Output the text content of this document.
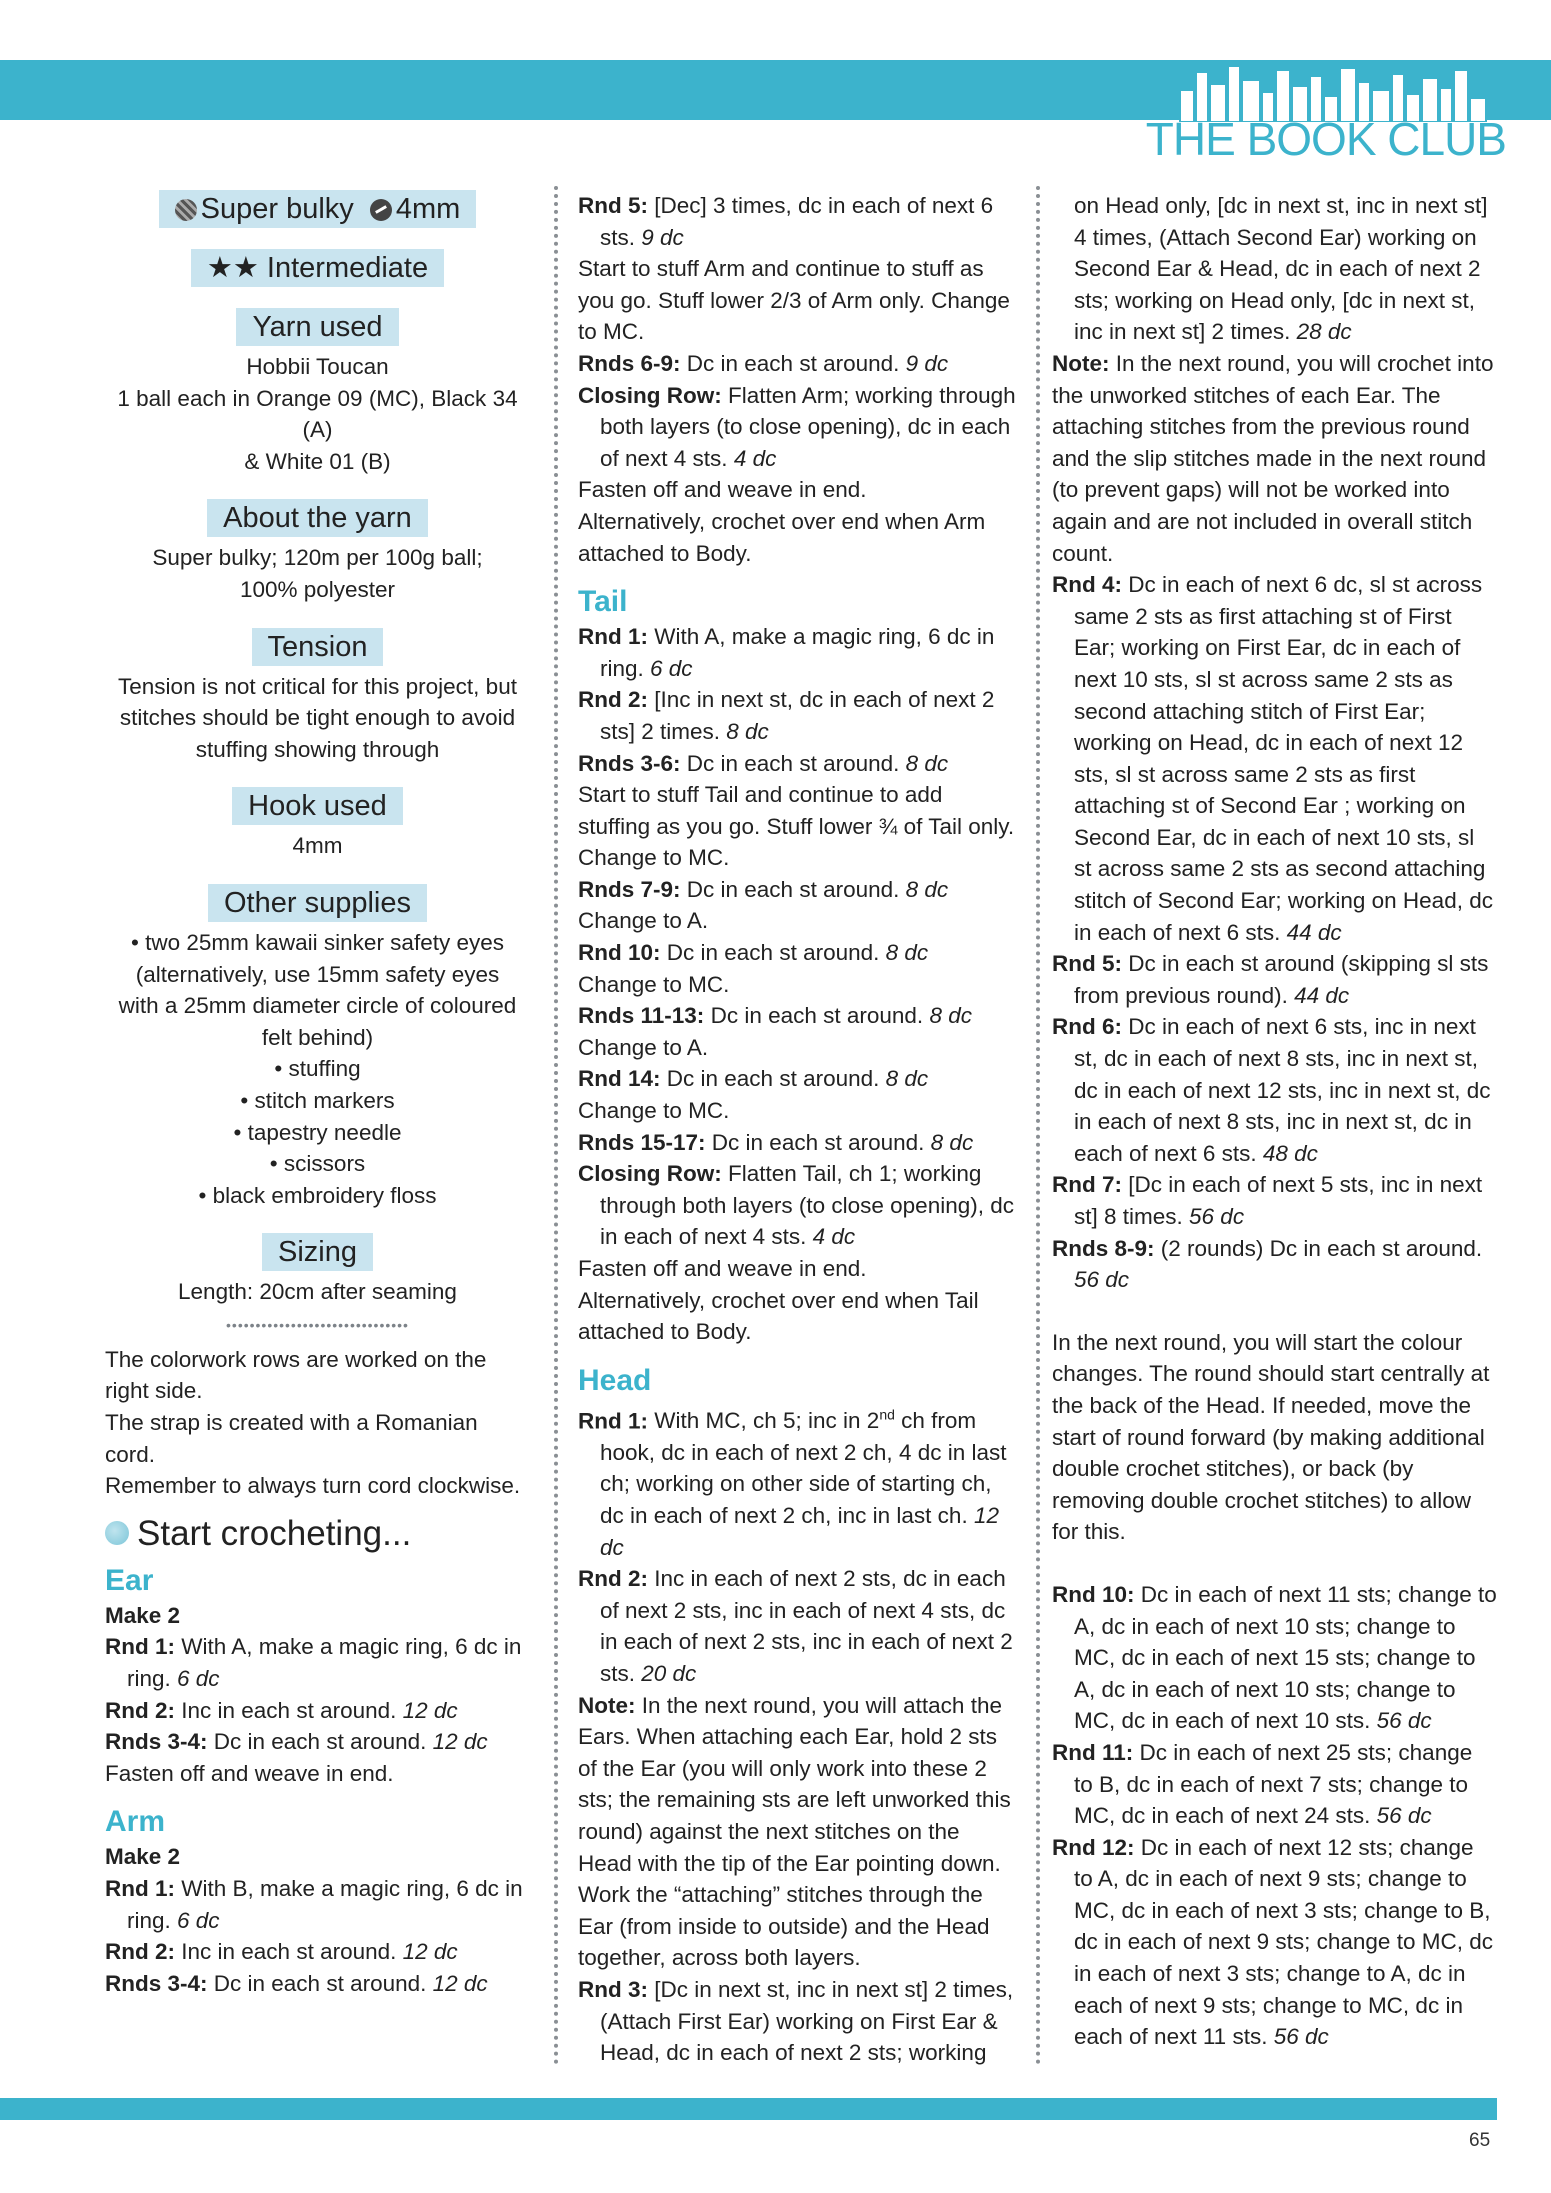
THE BOOK CLUB
Super bulky 4mm
★★ Intermediate
Yarn used
Hobbii Toucan
1 ball each in Orange 09 (MC), Black 34 (A)
& White 01 (B)
About the yarn
Super bulky; 120m per 100g ball;
100% polyester
Tension
Tension is not critical for this project, but
stitches should be tight enough to avoid
stuffing showing through
Hook used
4mm
Other supplies
• two 25mm kawaii sinker safety eyes
(alternatively, use 15mm safety eyes
with a 25mm diameter circle of coloured
felt behind)
• stuffing
• stitch markers
• tapestry needle
• scissors
• black embroidery floss
Sizing
Length: 20cm after seaming
•••••••••••••••••••••••••••••••
The colorwork rows are worked on the
right side.
The strap is created with a Romanian cord.
Remember to always turn cord clockwise.
Start crocheting...
Ear
Make 2
Rnd 1: With A, make a magic ring, 6 dc in ring. 6 dc
Rnd 2: Inc in each st around. 12 dc
Rnds 3-4: Dc in each st around. 12 dc
Fasten off and weave in end.
Arm
Make 2
Rnd 1: With B, make a magic ring, 6 dc in ring. 6 dc
Rnd 2: Inc in each st around. 12 dc
Rnds 3-4: Dc in each st around. 12 dc
Rnd 5: [Dec] 3 times, dc in each of next 6 sts. 9 dc
Start to stuff Arm and continue to stuff as you go. Stuff lower 2/3 of Arm only. Change to MC.
Rnds 6-9: Dc in each st around. 9 dc
Closing Row: Flatten Arm; working through both layers (to close opening), dc in each of next 4 sts. 4 dc
Fasten off and weave in end.
Alternatively, crochet over end when Arm attached to Body.
Tail
Rnd 1: With A, make a magic ring, 6 dc in ring. 6 dc
Rnd 2: [Inc in next st, dc in each of next 2 sts] 2 times. 8 dc
Rnds 3-6: Dc in each st around. 8 dc
Start to stuff Tail and continue to add stuffing as you go. Stuff lower ¾ of Tail only. Change to MC.
Rnds 7-9: Dc in each st around. 8 dc
Change to A.
Rnd 10: Dc in each st around. 8 dc
Change to MC.
Rnds 11-13: Dc in each st around. 8 dc
Change to A.
Rnd 14: Dc in each st around. 8 dc
Change to MC.
Rnds 15-17: Dc in each st around. 8 dc
Closing Row: Flatten Tail, ch 1; working through both layers (to close opening), dc in each of next 4 sts. 4 dc
Fasten off and weave in end.
Alternatively, crochet over end when Tail attached to Body.
Head
Rnd 1: With MC, ch 5; inc in 2nd ch from hook, dc in each of next 2 ch, 4 dc in last ch; working on other side of starting ch, dc in each of next 2 ch, inc in last ch. 12 dc
Rnd 2: Inc in each of next 2 sts, dc in each of next 2 sts, inc in each of next 4 sts, dc in each of next 2 sts, inc in each of next 2 sts. 20 dc
Note: In the next round, you will attach the Ears. When attaching each Ear, hold 2 sts of the Ear (you will only work into these 2 sts; the remaining sts are left unworked this round) against the next stitches on the Head with the tip of the Ear pointing down. Work the “attaching” stitches through the Ear (from inside to outside) and the Head together, across both layers.
Rnd 3: [Dc in next st, inc in next st] 2 times, (Attach First Ear) working on First Ear & Head, dc in each of next 2 sts; working
on Head only, [dc in next st, inc in next st] 4 times, (Attach Second Ear) working on Second Ear & Head, dc in each of next 2 sts; working on Head only, [dc in next st, inc in next st] 2 times. 28 dc
Note: In the next round, you will crochet into the unworked stitches of each Ear. The attaching stitches from the previous round and the slip stitches made in the next round (to prevent gaps) will not be worked into again and are not included in overall stitch count.
Rnd 4: Dc in each of next 6 dc, sl st across same 2 sts as first attaching st of First Ear; working on First Ear, dc in each of next 10 sts, sl st across same 2 sts as second attaching stitch of First Ear; working on Head, dc in each of next 12 sts, sl st across same 2 sts as first attaching st of Second Ear ; working on Second Ear, dc in each of next 10 sts, sl st across same 2 sts as second attaching stitch of Second Ear; working on Head, dc in each of next 6 sts. 44 dc
Rnd 5: Dc in each st around (skipping sl sts from previous round). 44 dc
Rnd 6: Dc in each of next 6 sts, inc in next st, dc in each of next 8 sts, inc in next st, dc in each of next 12 sts, inc in next st, dc in each of next 8 sts, inc in next st, dc in each of next 6 sts. 48 dc
Rnd 7: [Dc in each of next 5 sts, inc in next st] 8 times. 56 dc
Rnds 8-9: (2 rounds) Dc in each st around. 56 dc
In the next round, you will start the colour changes. The round should start centrally at the back of the Head. If needed, move the start of round forward (by making additional double crochet stitches), or back (by removing double crochet stitches) to allow for this.
Rnd 10: Dc in each of next 11 sts; change to A, dc in each of next 10 sts; change to MC, dc in each of next 15 sts; change to A, dc in each of next 10 sts; change to MC, dc in each of next 10 sts. 56 dc
Rnd 11: Dc in each of next 25 sts; change to B, dc in each of next 7 sts; change to MC, dc in each of next 24 sts. 56 dc
Rnd 12: Dc in each of next 12 sts; change to A, dc in each of next 9 sts; change to MC, dc in each of next 3 sts; change to B, dc in each of next 9 sts; change to MC, dc in each of next 3 sts; change to A, dc in each of next 9 sts; change to MC, dc in each of next 11 sts. 56 dc
65
